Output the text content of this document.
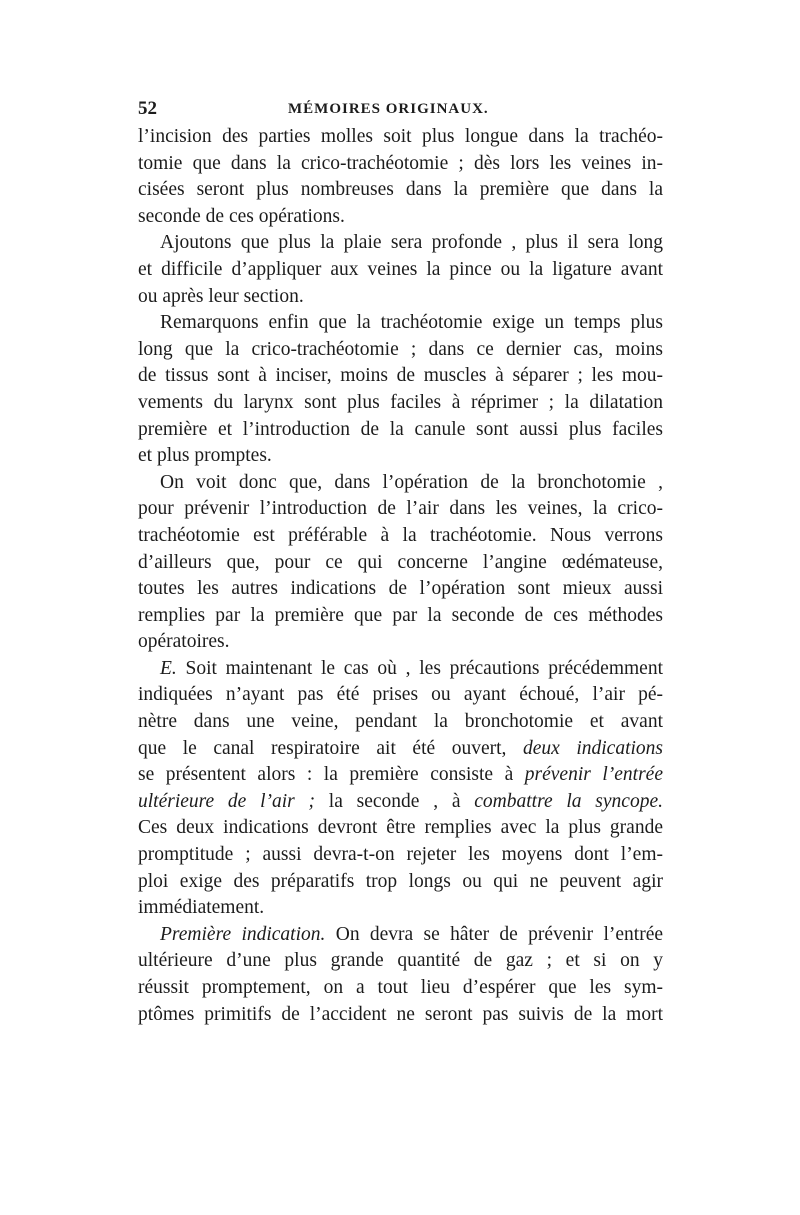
52	MÉMOIRES ORIGINAUX.

l’incision des parties molles soit plus longue dans la trachéo-
tomie que dans la crico-trachéotomie ; dès lors les veines in-
cisées seront plus nombreuses dans la première que dans la
seconde de ces opérations.

Ajoutons que plus la plaie sera profonde , plus il sera long
et difficile d’appliquer aux veines la pince ou la ligature avant
ou après leur section.

Remarquons enfin que la trachéotomie exige un temps plus
long que la crico-trachéotomie ; dans ce dernier cas, moins
de tissus sont à inciser, moins de muscles à séparer ; les mou-
vements du larynx sont plus faciles à réprimer ; la dilatation
première et l’introduction de la canule sont aussi plus faciles
et plus promptes.

On voit donc que, dans l’opération de la bronchotomie ,
pour prévenir l’introduction de l’air dans les veines, la crico-
trachéotomie est préférable à la trachéotomie. Nous verrons
d’ailleurs que, pour ce qui concerne l’angine œdémateuse,
toutes les autres indications de l’opération sont mieux aussi
remplies par la première que par la seconde de ces méthodes
opératoires.

E. Soit maintenant le cas où , les précautions précédemment
indiquées n’ayant pas été prises ou ayant échoué, l’air pé-
nètre dans une veine, pendant la bronchotomie et avant
que le canal respiratoire ait été ouvert, deux indications
se présentent alors : la première consiste à prévenir l’entrée
ultérieure de l’air ; la seconde , à combattre la syncope.
Ces deux indications devront être remplies avec la plus grande
promptitude ; aussi devra-t-on rejeter les moyens dont l’em-
ploi exige des préparatifs trop longs ou qui ne peuvent agir
immédiatement.

Première indication. On devra se hâter de prévenir l’entrée
ultérieure d’une plus grande quantité de gaz ; et si on y
réussit promptement, on a tout lieu d’espérer que les sym-
ptômes primitifs de l’accident ne seront pas suivis de la mort
